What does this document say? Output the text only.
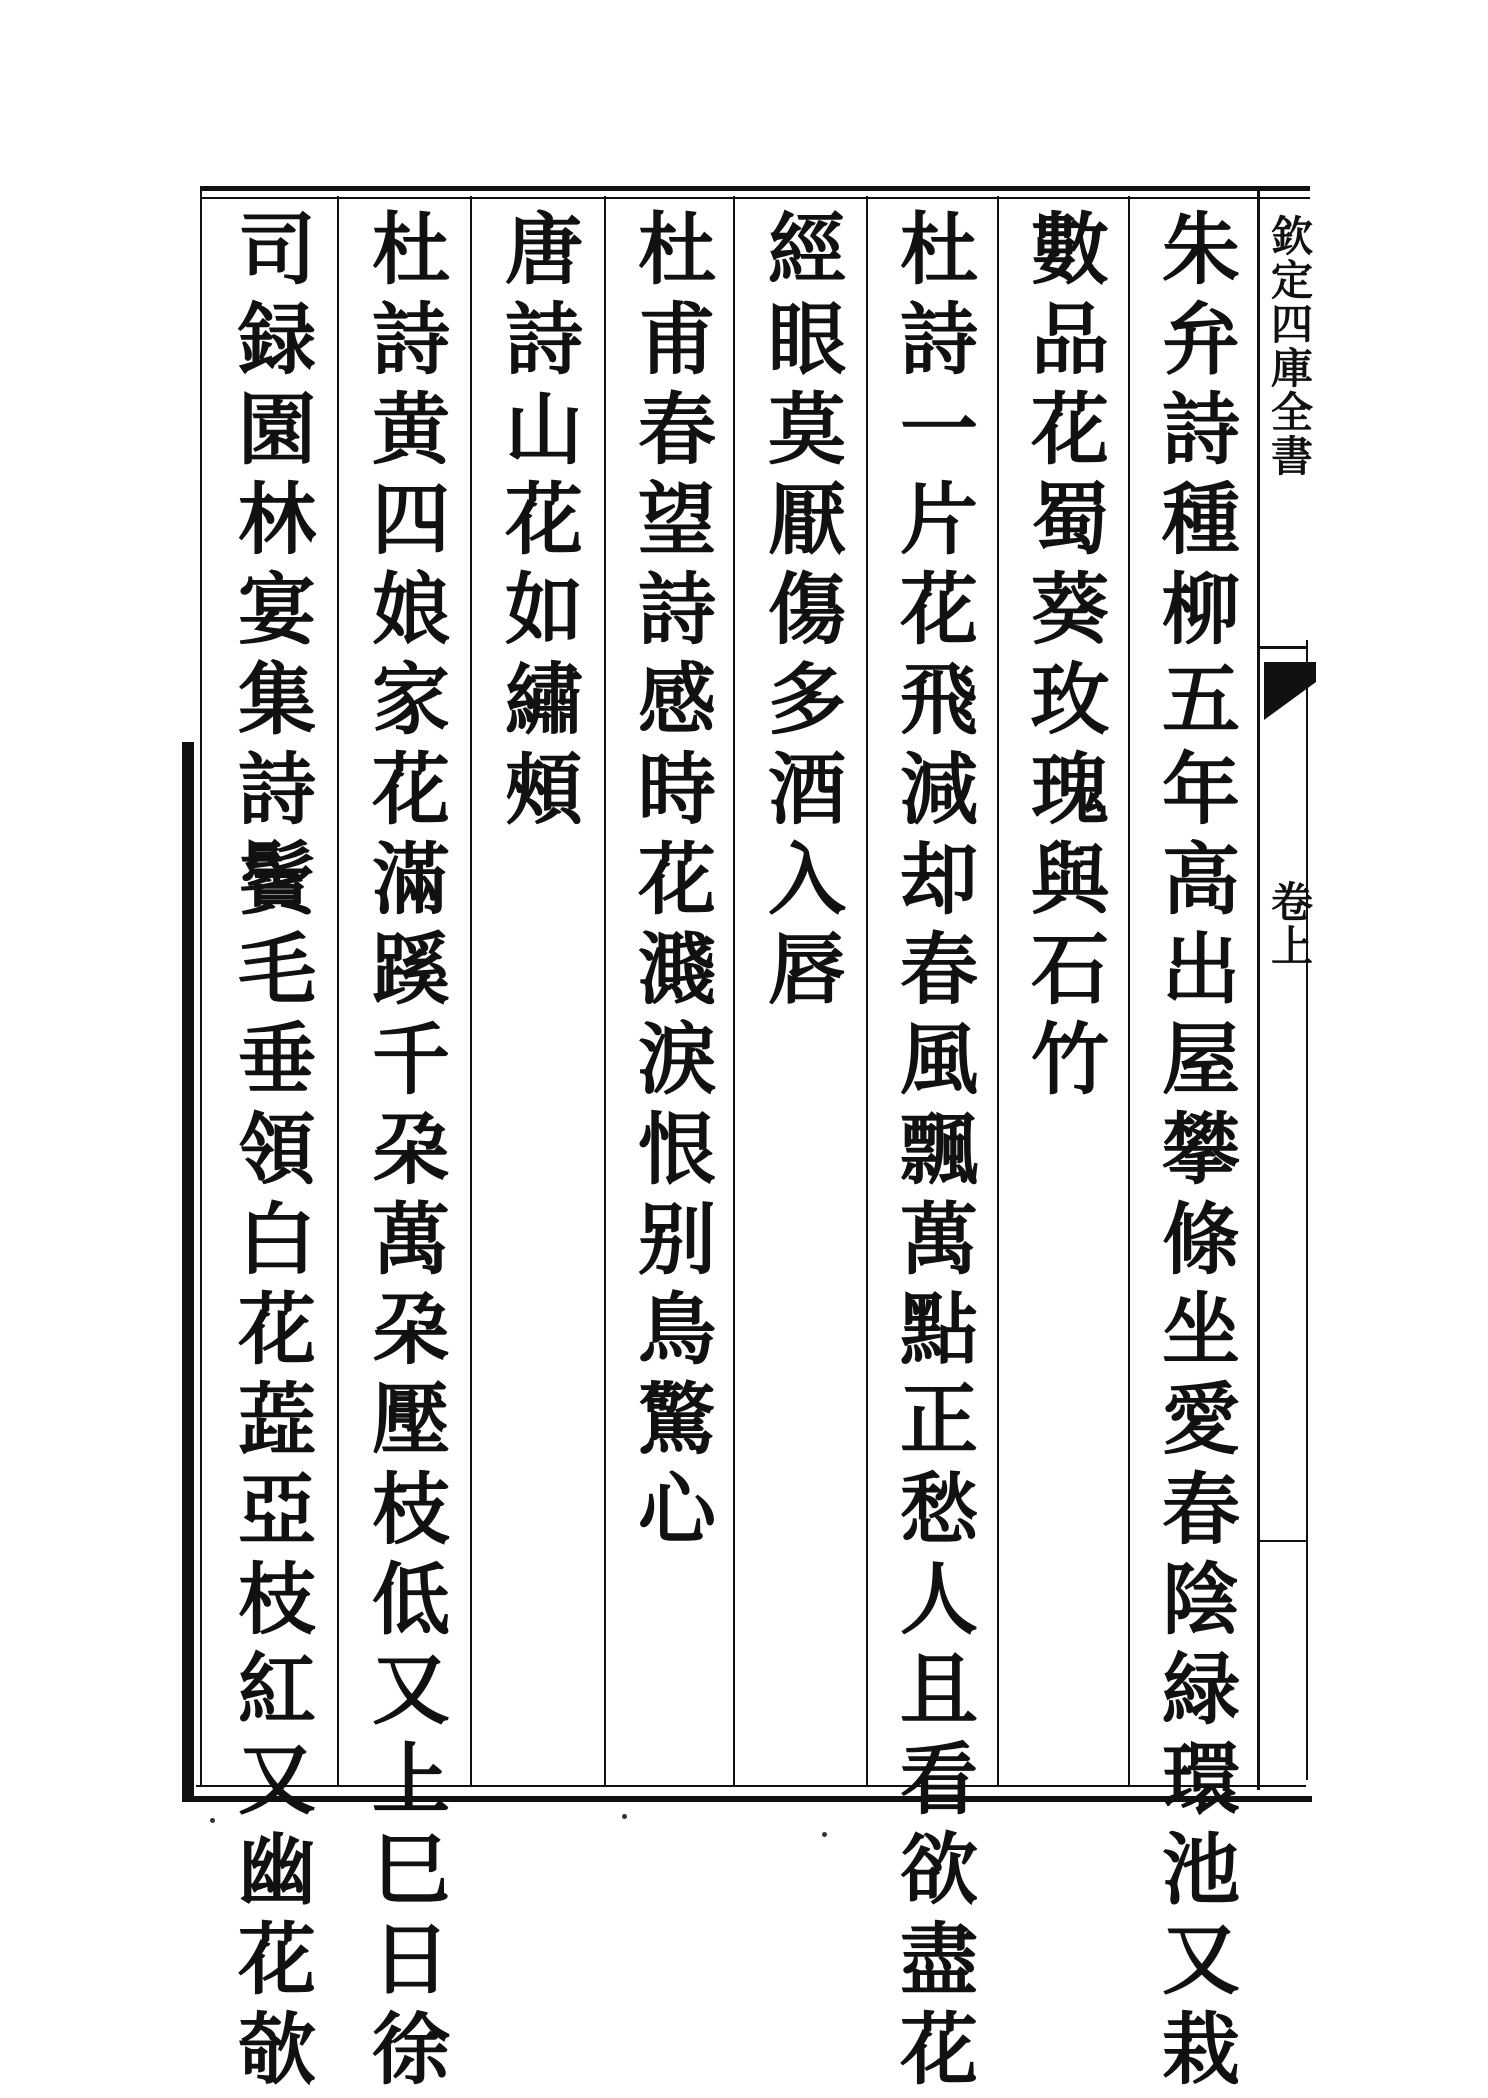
欽定四庫全書
卷上
朱弁詩種柳五年高出屋攀條坐愛春陰緑環池又栽
數品花蜀葵玫瑰與石竹
杜詩一片花飛減却春風飄萬點正愁人且看欲盡花
經眼莫厭傷多酒入唇
杜甫春望詩感時花濺淚恨别鳥驚心
唐詩山花如繡頰
杜詩黄四娘家花滿蹊千朶萬朶壓枝低又上巳日徐
司録園林宴集詩鬢毛垂領白花蕋亞枝紅又幽花欹
